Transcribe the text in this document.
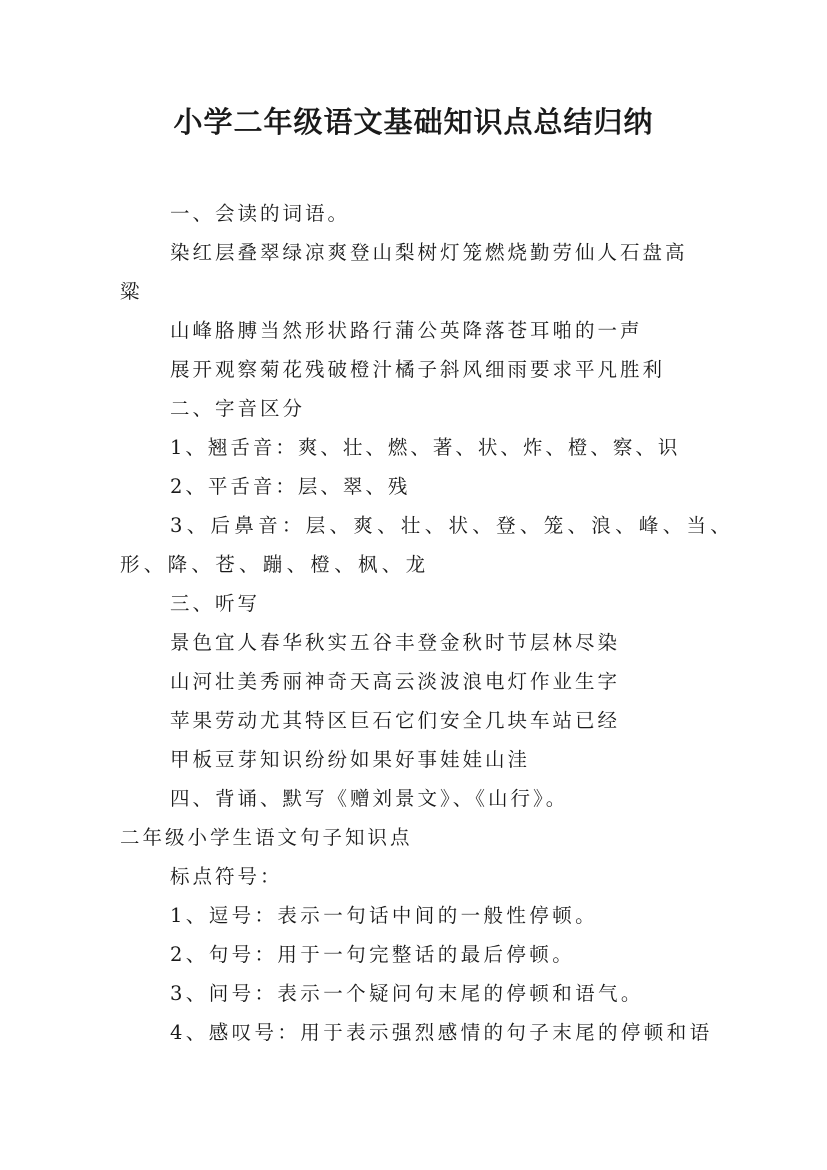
小学二年级语文基础知识点总结归纳
一、会读的词语。
染红层叠翠绿凉爽登山梨树灯笼燃烧勤劳仙人石盘高
粱
山峰胳膊当然形状路行蒲公英降落苍耳啪的一声
展开观察菊花残破橙汁橘子斜风细雨要求平凡胜利
二、字音区分
1、翘舌音：爽、壮、燃、著、状、炸、橙、察、识
2、平舌音：层、翠、残
3、后鼻音：层、爽、壮、状、登、笼、浪、峰、当、
形、降、苍、蹦、橙、枫、龙
三、听写
景色宜人春华秋实五谷丰登金秋时节层林尽染
山河壮美秀丽神奇天高云淡波浪电灯作业生字
苹果劳动尤其特区巨石它们安全几块车站已经
甲板豆芽知识纷纷如果好事娃娃山洼
四、背诵、默写《赠刘景文》、《山行》。
二年级小学生语文句子知识点
标点符号：
1、逗号：表示一句话中间的一般性停顿。
2、句号：用于一句完整话的最后停顿。
3、问号：表示一个疑问句末尾的停顿和语气。
4、感叹号：用于表示强烈感情的句子末尾的停顿和语
